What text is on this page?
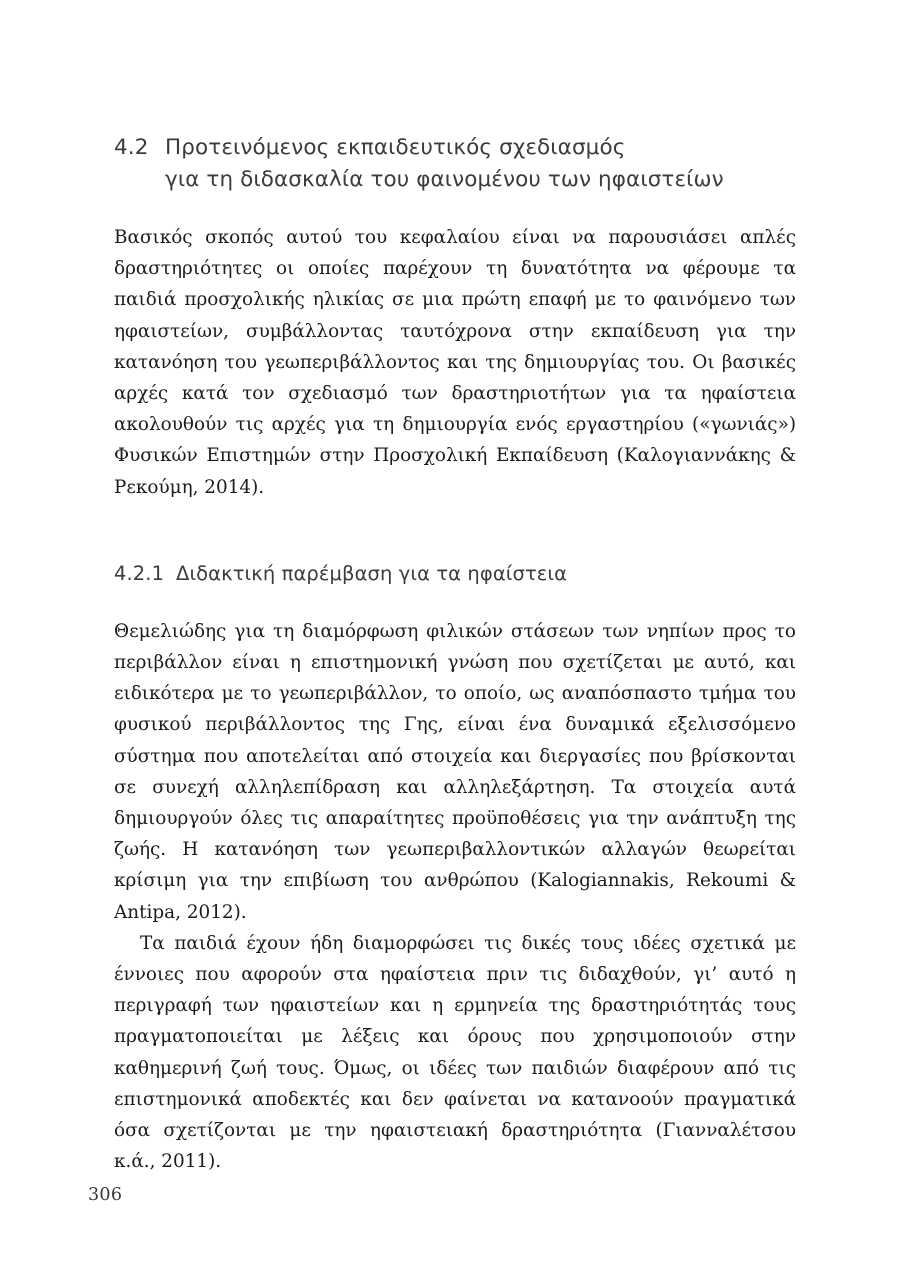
4.2 Προτεινόμενος εκπαιδευτικός σχεδιασμός
για τη διδασκαλία του φαινομένου των ηφαιστείων

Βασικός σκοπός αυτού του κεφαλαίου είναι να παρουσιάσει απλές δραστηριότητες οι οποίες παρέχουν τη δυνατότητα να φέρουμε τα παιδιά προσχολικής ηλικίας σε μια πρώτη επαφή με το φαινόμενο των ηφαιστείων, συμβάλλοντας ταυτόχρονα στην εκπαίδευση για την κατανόηση του γεωπεριβάλλοντος και της δημιουργίας του. Οι βασικές αρχές κατά τον σχεδιασμό των δραστηριοτήτων για τα ηφαίστεια ακολουθούν τις αρχές για τη δημιουργία ενός εργαστηρίου («γωνιάς») Φυσικών Επιστημών στην Προσχολική Εκπαίδευση (Καλογιαννάκης & Ρεκούμη, 2014).

4.2.1 Διδακτική παρέμβαση για τα ηφαίστεια

Θεμελιώδης για τη διαμόρφωση φιλικών στάσεων των νηπίων προς το περιβάλλον είναι η επιστημονική γνώση που σχετίζεται με αυτό, και ειδικότερα με το γεωπεριβάλλον, το οποίο, ως αναπόσπαστο τμήμα του φυσικού περιβάλλοντος της Γης, είναι ένα δυναμικά εξελισσόμενο σύστημα που αποτελείται από στοιχεία και διεργασίες που βρίσκονται σε συνεχή αλληλεπίδραση και αλληλεξάρτηση. Τα στοιχεία αυτά δημιουργούν όλες τις απαραίτητες προϋποθέσεις για την ανάπτυξη της ζωής. Η κατανόηση των γεωπεριβαλλοντικών αλλαγών θεωρείται κρίσιμη για την επιβίωση του ανθρώπου (Kalogiannakis, Rekoumi & Antipa, 2012).

Τα παιδιά έχουν ήδη διαμορφώσει τις δικές τους ιδέες σχετικά με έννοιες που αφορούν στα ηφαίστεια πριν τις διδαχθούν, γι’ αυτό η περιγραφή των ηφαιστείων και η ερμηνεία της δραστηριότητάς τους πραγματοποιείται με λέξεις και όρους που χρησιμοποιούν στην καθημερινή ζωή τους. Όμως, οι ιδέες των παιδιών διαφέρουν από τις επιστημονικά αποδεκτές και δεν φαίνεται να κατανοούν πραγματικά όσα σχετίζονται με την ηφαιστειακή δραστηριότητα (Γιανναλέτσου κ.ά., 2011).

306
